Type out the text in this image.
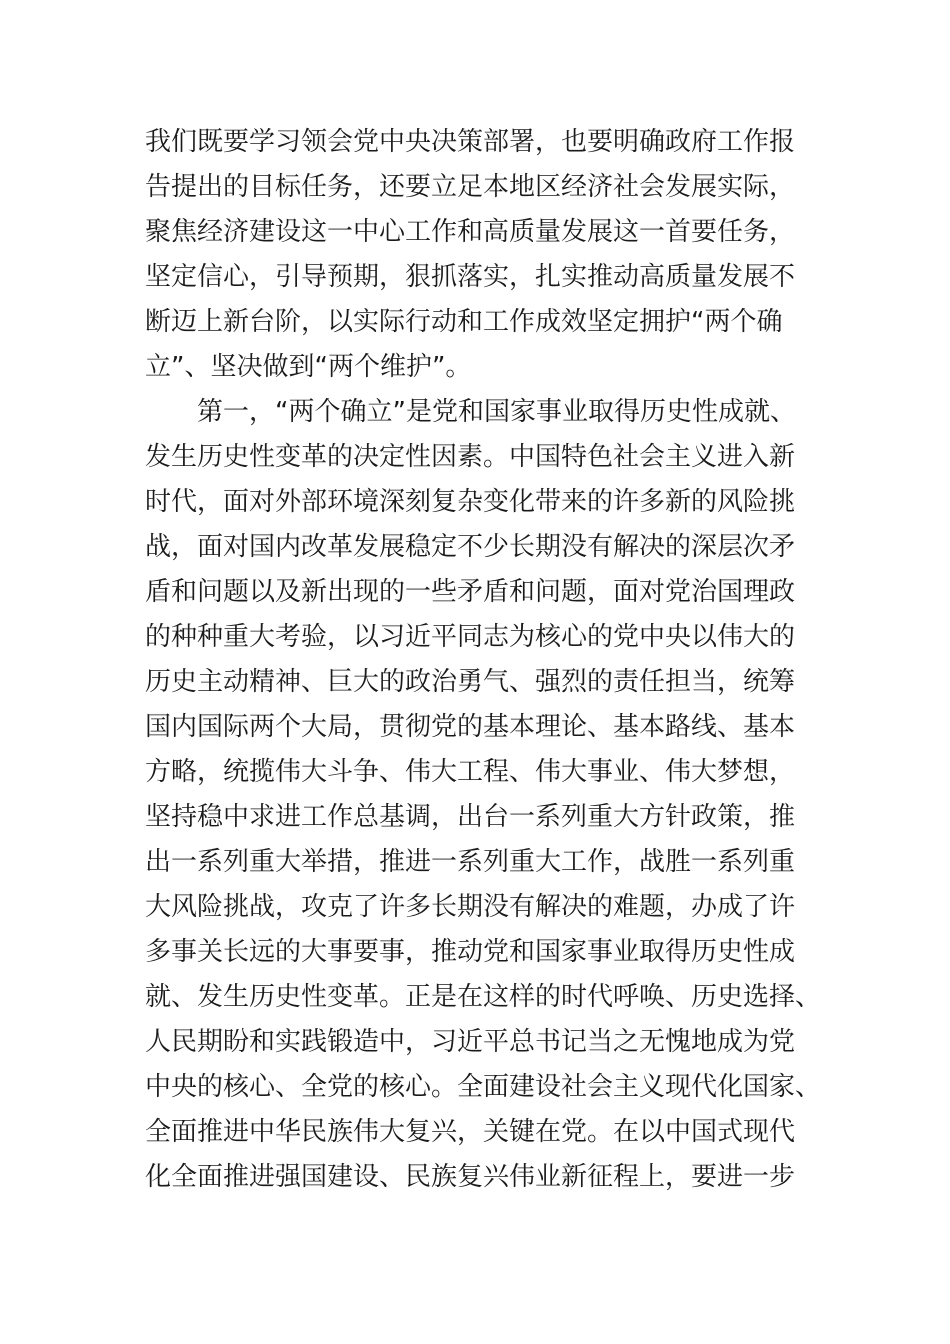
我们既要学习领会党中央决策部署，也要明确政府工作报
告提出的目标任务，还要立足本地区经济社会发展实际，
聚焦经济建设这一中心工作和高质量发展这一首要任务，
坚定信心，引导预期，狠抓落实，扎实推动高质量发展不
断迈上新台阶，以实际行动和工作成效坚定拥护“两个确
立”、坚决做到“两个维护”。
第一，“两个确立”是党和国家事业取得历史性成就、
发生历史性变革的决定性因素。中国特色社会主义进入新
时代，面对外部环境深刻复杂变化带来的许多新的风险挑
战，面对国内改革发展稳定不少长期没有解决的深层次矛
盾和问题以及新出现的一些矛盾和问题，面对党治国理政
的种种重大考验，以习近平同志为核心的党中央以伟大的
历史主动精神、巨大的政治勇气、强烈的责任担当，统筹
国内国际两个大局，贯彻党的基本理论、基本路线、基本
方略，统揽伟大斗争、伟大工程、伟大事业、伟大梦想，
坚持稳中求进工作总基调，出台一系列重大方针政策，推
出一系列重大举措，推进一系列重大工作，战胜一系列重
大风险挑战，攻克了许多长期没有解决的难题，办成了许
多事关长远的大事要事，推动党和国家事业取得历史性成
就、发生历史性变革。正是在这样的时代呼唤、历史选择、
人民期盼和实践锻造中，习近平总书记当之无愧地成为党
中央的核心、全党的核心。全面建设社会主义现代化国家、
全面推进中华民族伟大复兴，关键在党。在以中国式现代
化全面推进强国建设、民族复兴伟业新征程上，要进一步
